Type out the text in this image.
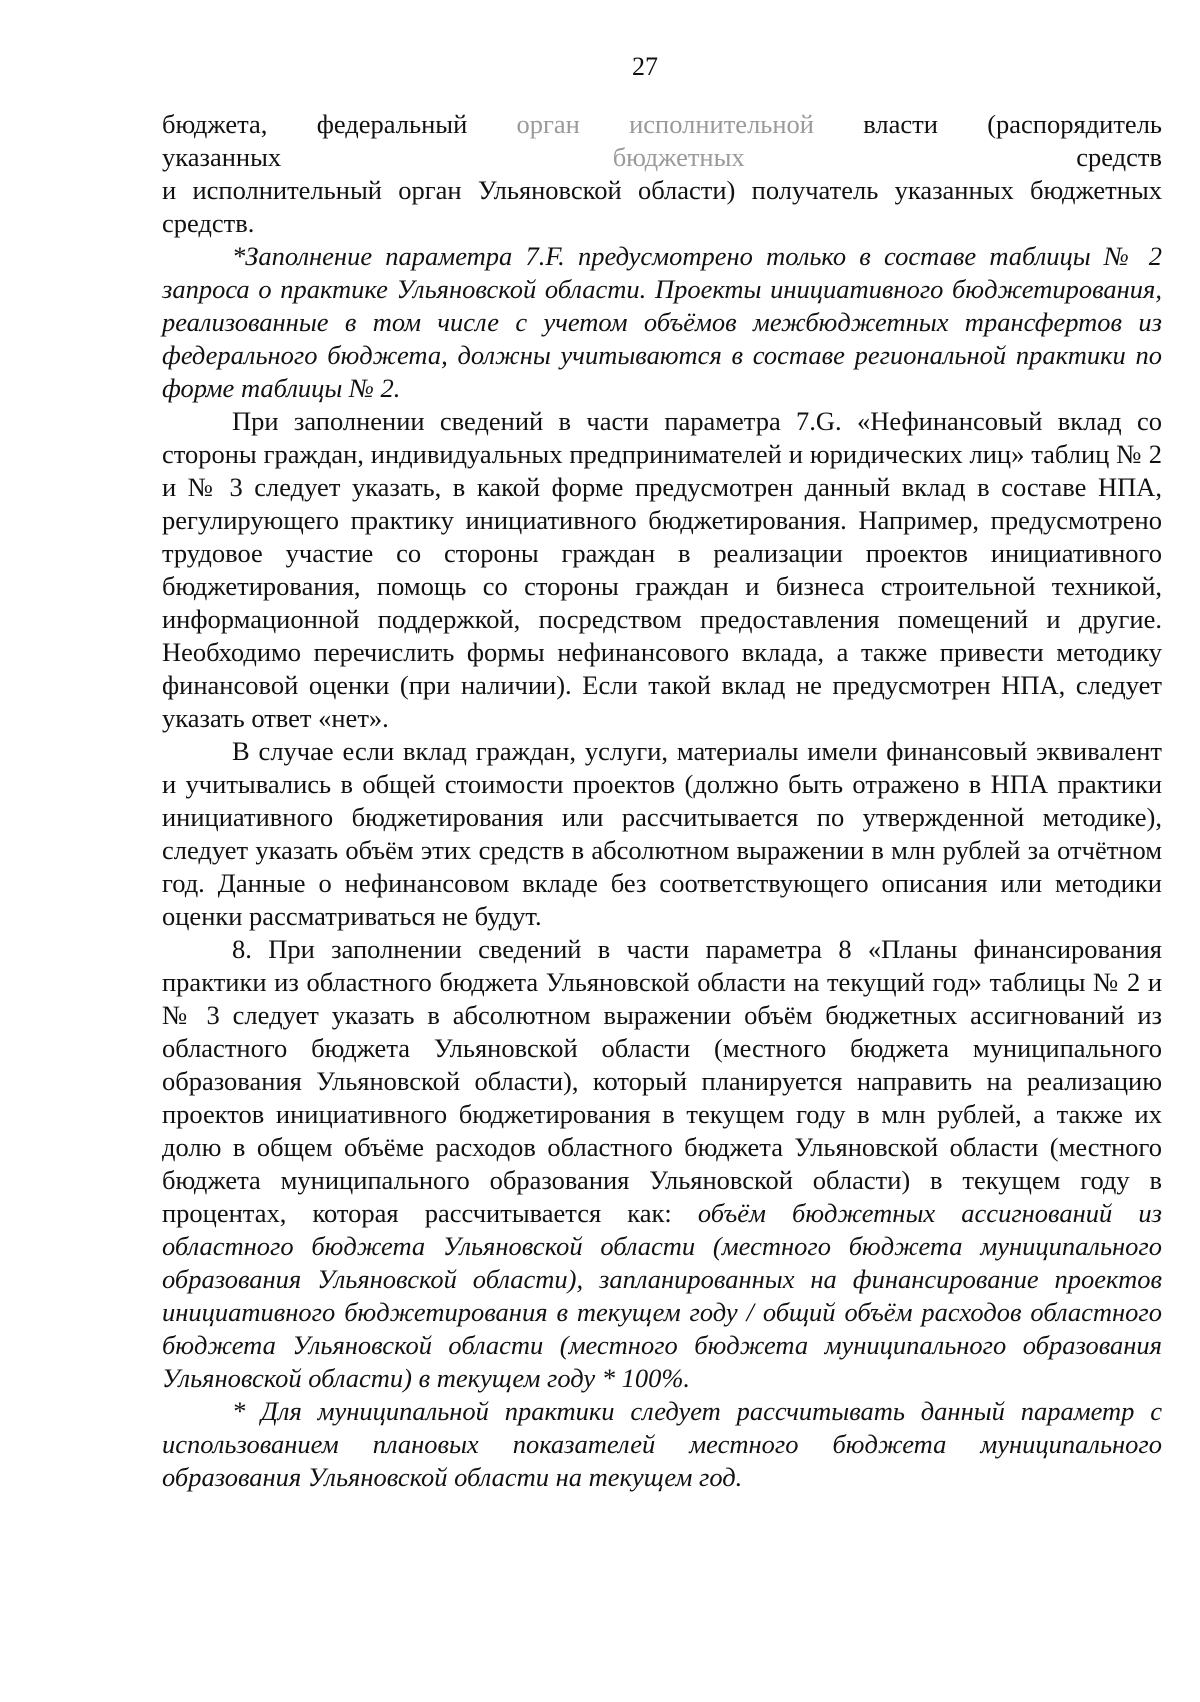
27

бюджета, федеральный орган исполнительной власти (распорядитель

указанных	бюджетных	средств

и исполнительный орган Ульяновской области) получатель указанных бюджетных средств.

*Заполнение параметра 7.F. предусмотрено только в составе таблицы № 2 запроса о практике Ульяновской области. Проекты инициативного бюджетирования, реализованные в том числе с учетом объёмов межбюджетных трансфертов из федерального бюджета, должны учитываются в составе региональной практики по форме таблицы № 2.

При заполнении сведений в части параметра 7.G. «Нефинансовый вклад со стороны граждан, индивидуальных предпринимателей и юридических лиц» таблиц № 2 и № 3 следует указать, в какой форме предусмотрен данный вклад в составе НПА, регулирующего практику инициативного бюджетирования. Например, предусмотрено трудовое участие со стороны граждан в реализации проектов инициативного бюджетирования, помощь со стороны граждан и бизнеса строительной техникой, информационной поддержкой, посредством предоставления помещений и другие. Необходимо перечислить формы нефинансового вклада, а также привести методику финансовой оценки (при наличии). Если такой вклад не предусмотрен НПА, следует указать ответ «нет».

В случае если вклад граждан, услуги, материалы имели финансовый эквивалент и учитывались в общей стоимости проектов (должно быть отражено в НПА практики инициативного бюджетирования или рассчитывается по утвержденной методике), следует указать объём этих средств в абсолютном выражении в млн рублей за отчётном год. Данные о нефинансовом вкладе без соответствующего описания или методики оценки рассматриваться не будут.

8. При заполнении сведений в части параметра 8 «Планы финансирования практики из областного бюджета Ульяновской области на текущий год» таблицы № 2 и № 3 следует указать в абсолютном выражении объём бюджетных ассигнований из областного бюджета Ульяновской области (местного бюджета муниципального образования Ульяновской области), который планируется направить на реализацию проектов инициативного бюджетирования в текущем году в млн рублей, а также их долю в общем объёме расходов областного бюджета Ульяновской области (местного бюджета муниципального образования Ульяновской области) в текущем году в процентах, которая рассчитывается как: объём бюджетных ассигнований из областного бюджета Ульяновской области (местного бюджета муниципального образования Ульяновской области), запланированных на финансирование проектов инициативного бюджетирования в текущем году / общий объём расходов областного бюджета Ульяновской области (местного бюджета муниципального образования Ульяновской области) в текущем году * 100%.

* Для муниципальной практики следует рассчитывать данный параметр с использованием плановых показателей местного бюджета муниципального образования Ульяновской области на текущем год.
